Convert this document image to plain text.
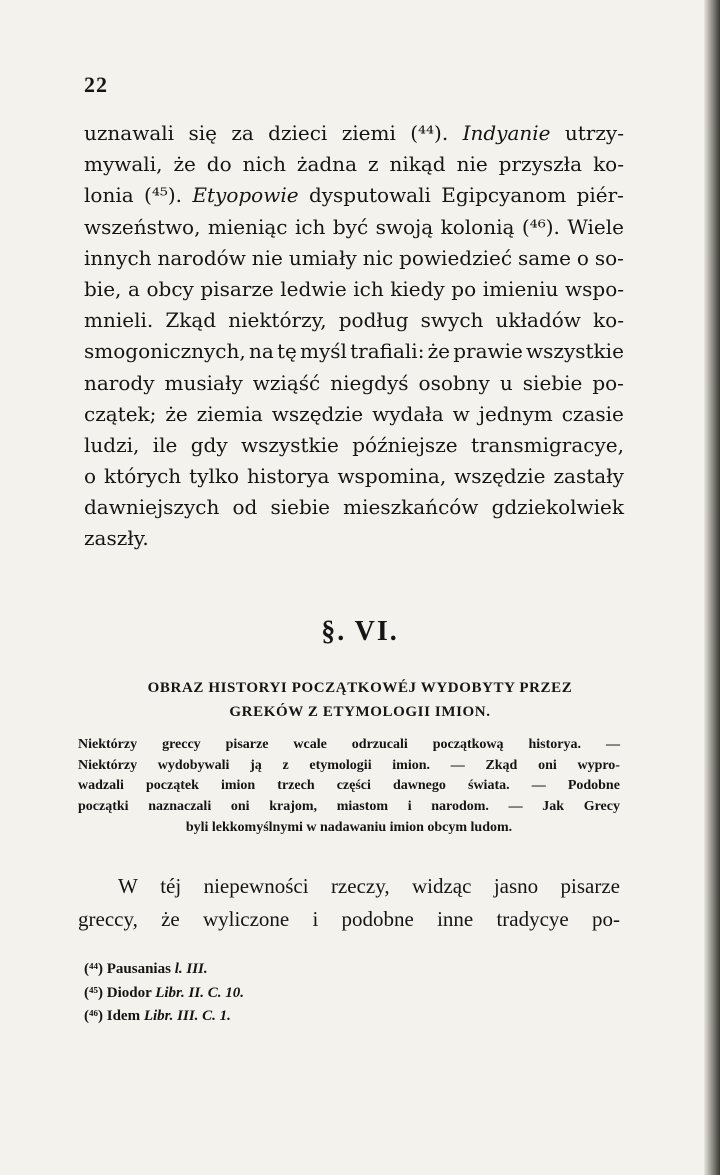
22
uznawali się za dzieci ziemi (⁴⁴). Indyanie utrzy-
mywali, że do nich żadna z nikąd nie przyszła ko-
lonia (⁴⁵). Etyopowie dysputowali Egipcyanom piér-
wszeństwo, mieniąc ich być swoją kolonią (⁴⁶). Wiele
innych narodów nie umiały nic powiedzieć same o so-
bie, a obcy pisarze ledwie ich kiedy po imieniu wspo-
mnieli. Zkąd niektórzy, podług swych układów ko-
smogonicznych, na tę myśl trafiali: że prawie wszystkie
narody musiały wziąść niegdyś osobny u siebie po-
czątek; że ziemia wszędzie wydała w jednym czasie
ludzi, ile gdy wszystkie późniejsze transmigracye,
o których tylko historya wspomina, wszędzie zastały
dawniejszych od siebie mieszkańców gdziekolwiek
zaszły.
§. VI.
OBRAZ HISTORYI POCZĄTKOWÉJ WYDOBYTY PRZEZ
GREKÓW Z ETYMOLOGII IMION.
Niektórzy greccy pisarze wcale odrzucali początkową historya. —
Niektórzy wydobywali ją z etymologii imion. — Zkąd oni wypro-
wadzali początek imion trzech części dawnego świata. — Podobne
początki naznaczali oni krajom, miastom i narodom. — Jak Grecy
byli lekkomyślnymi w nadawaniu imion obcym ludom.
W téj niepewności rzeczy, widząc jasno pisarze
greccy, że wyliczone i podobne inne tradycye po-
(⁴⁴) Pausanias l. III.
(⁴⁵) Diodor Libr. II. C. 10.
(⁴⁶) Idem Libr. III. C. 1.
